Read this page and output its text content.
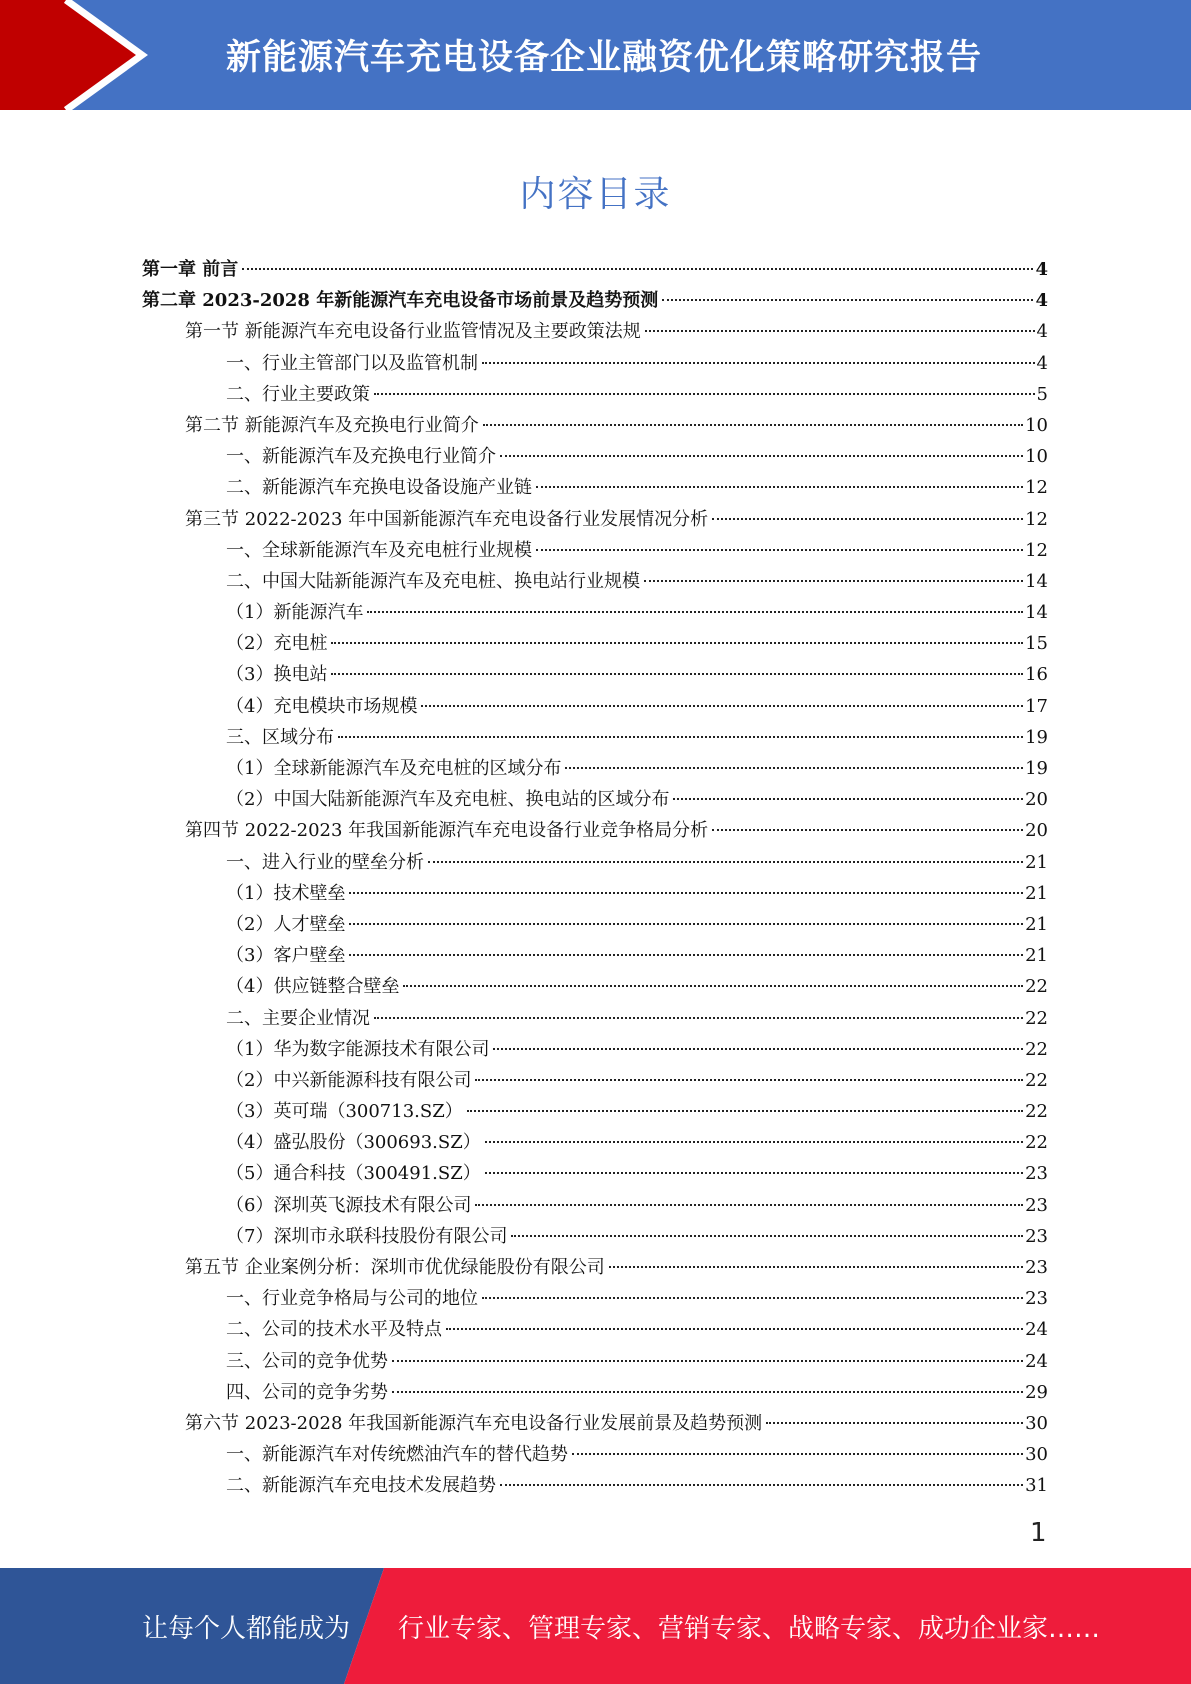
新能源汽车充电设备企业融资优化策略研究报告
内容目录
第一章 前言	4
第二章 2023-2028 年新能源汽车充电设备市场前景及趋势预测	4
第一节 新能源汽车充电设备行业监管情况及主要政策法规	4
一、行业主管部门以及监管机制	4
二、行业主要政策	5
第二节 新能源汽车及充换电行业简介	10
一、新能源汽车及充换电行业简介	10
二、新能源汽车充换电设备设施产业链	12
第三节 2022-2023 年中国新能源汽车充电设备行业发展情况分析	12
一、全球新能源汽车及充电桩行业规模	12
二、中国大陆新能源汽车及充电桩、换电站行业规模	14
（1）新能源汽车	14
（2）充电桩	15
（3）换电站	16
（4）充电模块市场规模	17
三、区域分布	19
（1）全球新能源汽车及充电桩的区域分布	19
（2）中国大陆新能源汽车及充电桩、换电站的区域分布	20
第四节 2022-2023 年我国新能源汽车充电设备行业竞争格局分析	20
一、进入行业的壁垒分析	21
（1）技术壁垒	21
（2）人才壁垒	21
（3）客户壁垒	21
（4）供应链整合壁垒	22
二、主要企业情况	22
（1）华为数字能源技术有限公司	22
（2）中兴新能源科技有限公司	22
（3）英可瑞（300713.SZ）	22
（4）盛弘股份（300693.SZ）	22
（5）通合科技（300491.SZ）	23
（6）深圳英飞源技术有限公司	23
（7）深圳市永联科技股份有限公司	23
第五节 企业案例分析：深圳市优优绿能股份有限公司	23
一、行业竞争格局与公司的地位	23
二、公司的技术水平及特点	24
三、公司的竞争优势	24
四、公司的竞争劣势	29
第六节 2023-2028 年我国新能源汽车充电设备行业发展前景及趋势预测	30
一、新能源汽车对传统燃油汽车的替代趋势	30
二、新能源汽车充电技术发展趋势	31
1
让每个人都能成为 行业专家、管理专家、营销专家、战略专家、成功企业家……
